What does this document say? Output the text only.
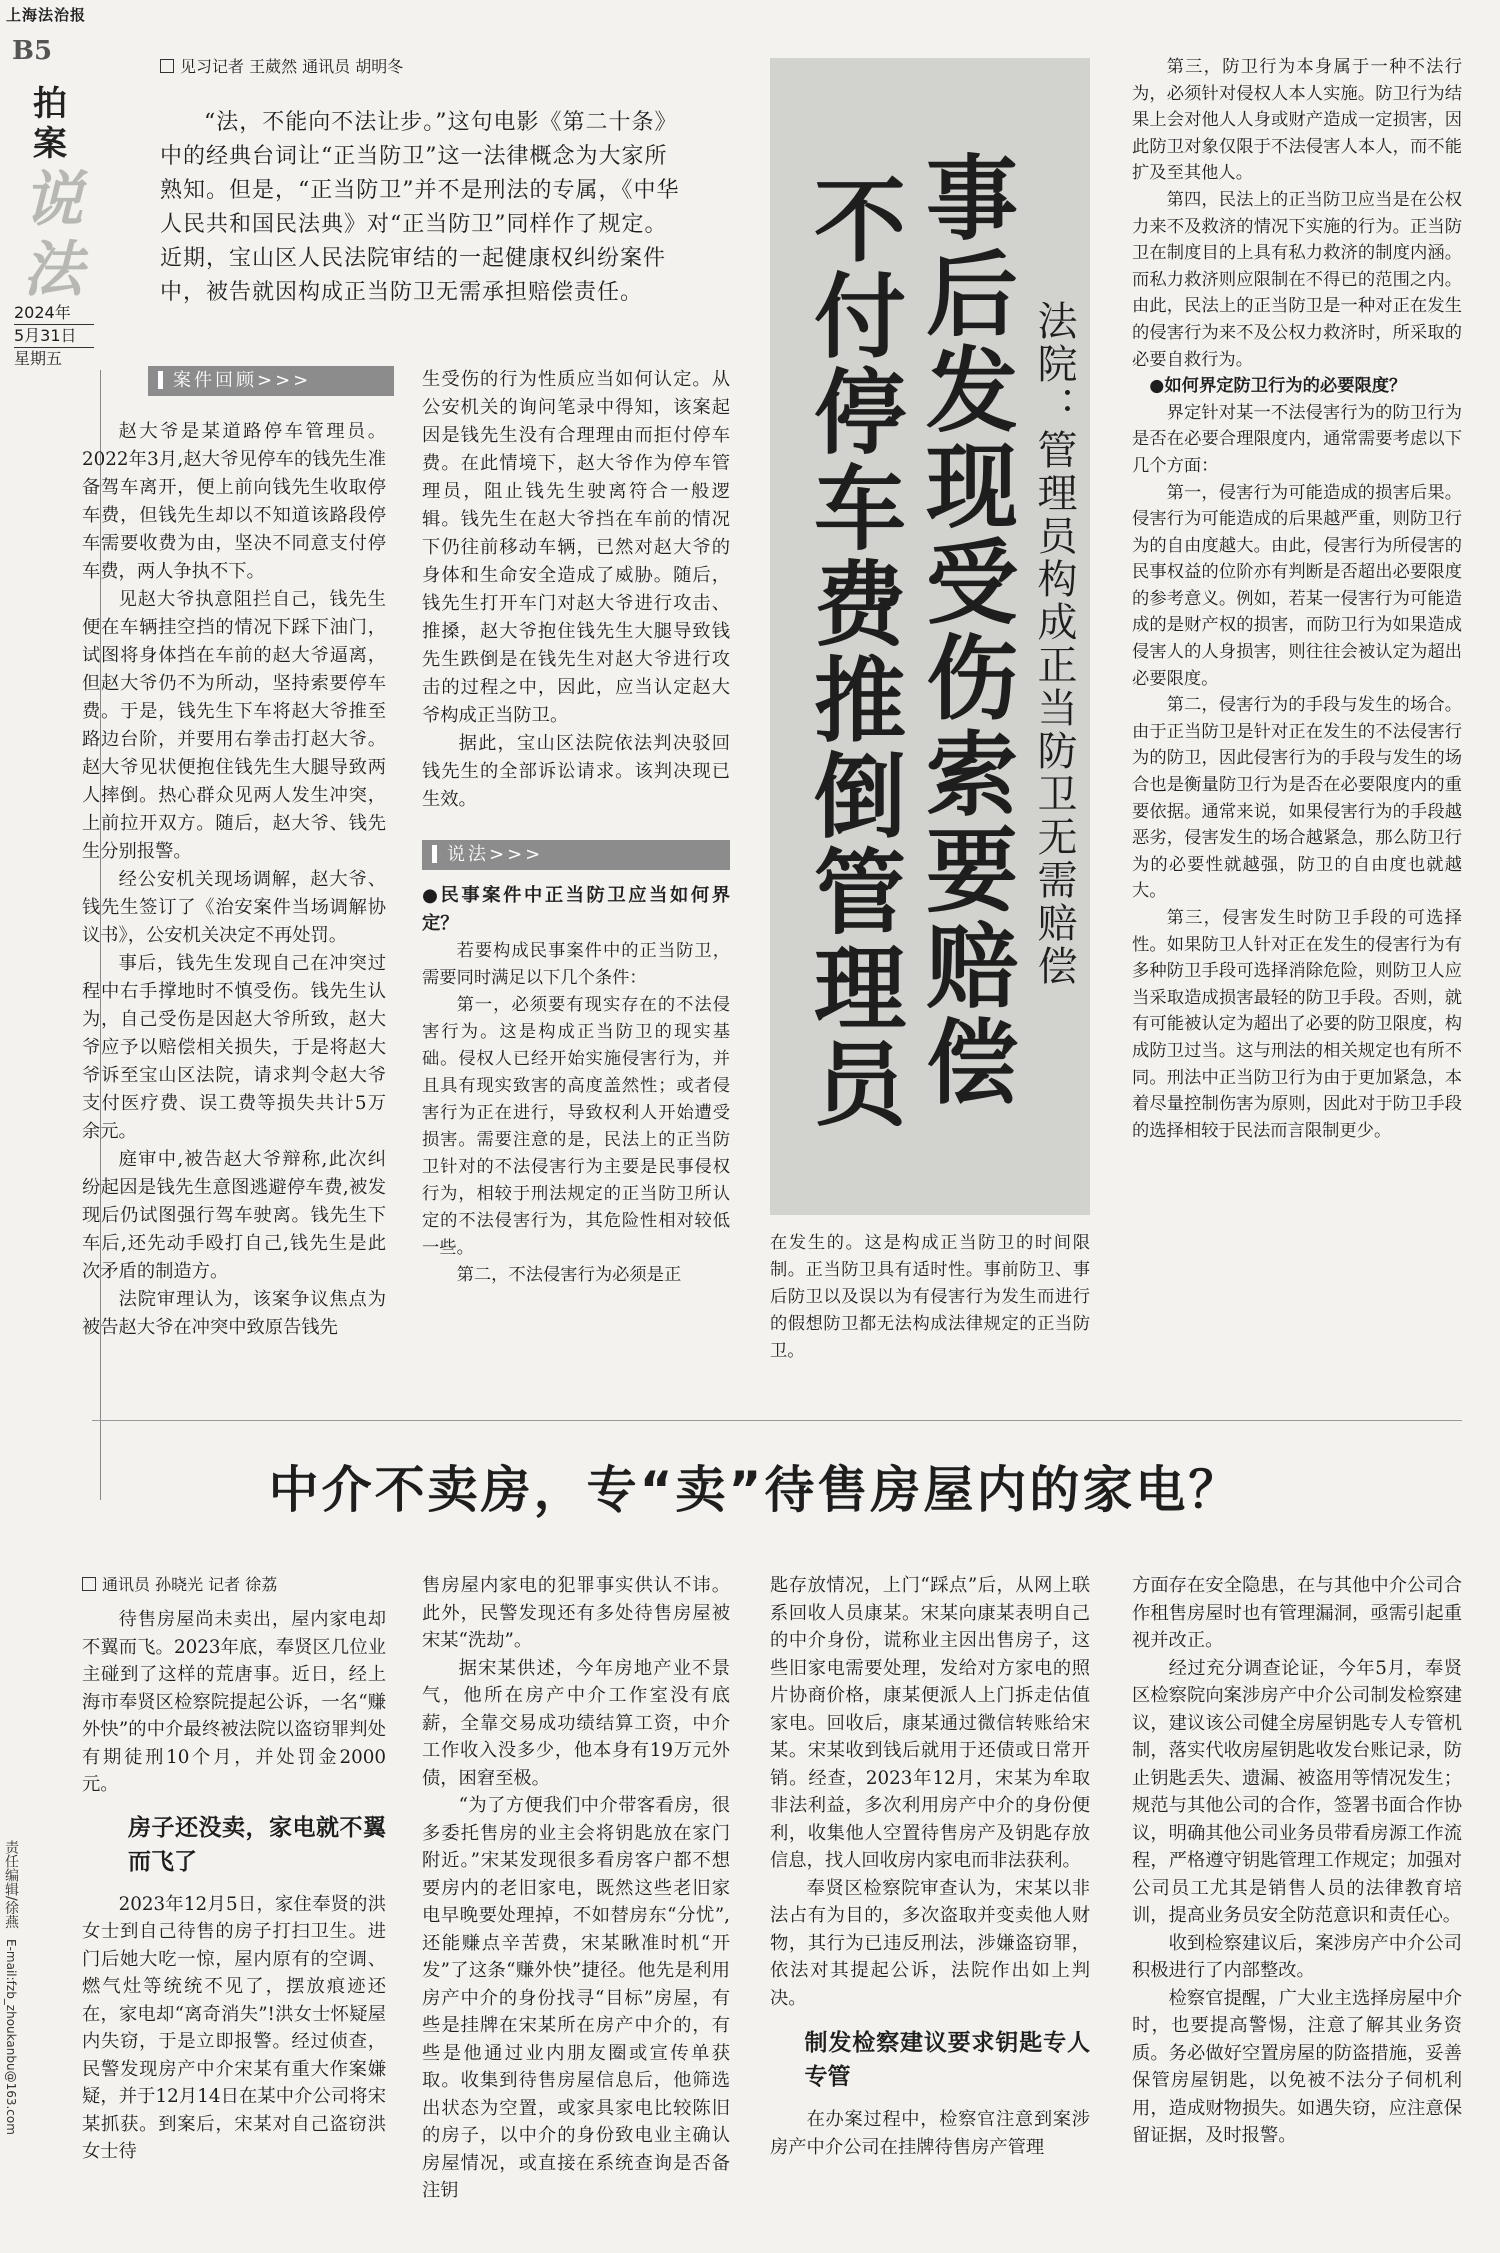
上海法治报
B5
拍案
说法
2024年
5月31日
星期五
见习记者 王葳然 通讯员 胡明冬
“法，不能向不法让步。”这句电影《第二十条》中的经典台词让“正当防卫”这一法律概念为大家所熟知。但是，“正当防卫”并不是刑法的专属，《中华人民共和国民法典》对“正当防卫”同样作了规定。近期，宝山区人民法院审结的一起健康权纠纷案件中，被告就因构成正当防卫无需承担赔偿责任。	事后发现受伤索要赔偿
不付停车费推倒管理员	法院：管理员构成正当防卫无需赔偿
案件回顾>>>

赵大爷是某道路停车管理员。2022年3月,赵大爷见停车的钱先生准备驾车离开，便上前向钱先生收取停车费，但钱先生却以不知道该路段停车需要收费为由，坚决不同意支付停车费，两人争执不下。

见赵大爷执意阻拦自己，钱先生便在车辆挂空挡的情况下踩下油门，试图将身体挡在车前的赵大爷逼离，但赵大爷仍不为所动，坚持索要停车费。于是，钱先生下车将赵大爷推至路边台阶，并要用右拳击打赵大爷。赵大爷见状便抱住钱先生大腿导致两人摔倒。热心群众见两人发生冲突，上前拉开双方。随后，赵大爷、钱先生分别报警。

经公安机关现场调解，赵大爷、钱先生签订了《治安案件当场调解协议书》，公安机关决定不再处罚。

事后，钱先生发现自己在冲突过程中右手撑地时不慎受伤。钱先生认为，自己受伤是因赵大爷所致，赵大爷应予以赔偿相关损失，于是将赵大爷诉至宝山区法院，请求判令赵大爷支付医疗费、误工费等损失共计5万余元。

庭审中,被告赵大爷辩称,此次纠纷起因是钱先生意图逃避停车费,被发现后仍试图强行驾车驶离。钱先生下车后,还先动手殴打自己,钱先生是此次矛盾的制造方。

法院审理认为，该案争议焦点为被告赵大爷在冲突中致原告钱先

生受伤的行为性质应当如何认定。从公安机关的询问笔录中得知，该案起因是钱先生没有合理理由而拒付停车费。在此情境下，赵大爷作为停车管理员，阻止钱先生驶离符合一般逻辑。钱先生在赵大爷挡在车前的情况下仍往前移动车辆，已然对赵大爷的身体和生命安全造成了威胁。随后，钱先生打开车门对赵大爷进行攻击、推搡，赵大爷抱住钱先生大腿导致钱先生跌倒是在钱先生对赵大爷进行攻击的过程之中，因此，应当认定赵大爷构成正当防卫。

据此，宝山区法院依法判决驳回钱先生的全部诉讼请求。该判决现已生效。

说法>>>

●民事案件中正当防卫应当如何界定？

若要构成民事案件中的正当防卫，需要同时满足以下几个条件：

第一，必须要有现实存在的不法侵害行为。这是构成正当防卫的现实基础。侵权人已经开始实施侵害行为，并且具有现实致害的高度盖然性；或者侵害行为正在进行，导致权利人开始遭受损害。需要注意的是，民法上的正当防卫针对的不法侵害行为主要是民事侵权行为，相较于刑法规定的正当防卫所认定的不法侵害行为，其危险性相对较低一些。

第二，不法侵害行为必须是正

在发生的。这是构成正当防卫的时间限制。正当防卫具有适时性。事前防卫、事后防卫以及误以为有侵害行为发生而进行的假想防卫都无法构成法律规定的正当防卫。

第三，防卫行为本身属于一种不法行为，必须针对侵权人本人实施。防卫行为结果上会对他人人身或财产造成一定损害，因此防卫对象仅限于不法侵害人本人，而不能扩及至其他人。

第四，民法上的正当防卫应当是在公权力来不及救济的情况下实施的行为。正当防卫在制度目的上具有私力救济的制度内涵。而私力救济则应限制在不得已的范围之内。由此，民法上的正当防卫是一种对正在发生的侵害行为来不及公权力救济时，所采取的必要自救行为。

●如何界定防卫行为的必要限度？

界定针对某一不法侵害行为的防卫行为是否在必要合理限度内，通常需要考虑以下几个方面：

第一，侵害行为可能造成的损害后果。侵害行为可能造成的后果越严重，则防卫行为的自由度越大。由此，侵害行为所侵害的民事权益的位阶亦有判断是否超出必要限度的参考意义。例如，若某一侵害行为可能造成的是财产权的损害，而防卫行为如果造成侵害人的人身损害，则往往会被认定为超出必要限度。

第二，侵害行为的手段与发生的场合。由于正当防卫是针对正在发生的不法侵害行为的防卫，因此侵害行为的手段与发生的场合也是衡量防卫行为是否在必要限度内的重要依据。通常来说，如果侵害行为的手段越恶劣，侵害发生的场合越紧急，那么防卫行为的必要性就越强，防卫的自由度也就越大。

第三，侵害发生时防卫手段的可选择性。如果防卫人针对正在发生的侵害行为有多种防卫手段可选择消除危险，则防卫人应当采取造成损害最轻的防卫手段。否则，就有可能被认定为超出了必要的防卫限度，构成防卫过当。这与刑法的相关规定也有所不同。刑法中正当防卫行为由于更加紧急，本着尽量控制伤害为原则，因此对于防卫手段的选择相较于民法而言限制更少。

中介不卖房，专“卖”待售房屋内的家电？
通讯员 孙晓光 记者 徐荔

待售房屋尚未卖出，屋内家电却不翼而飞。2023年底，奉贤区几位业主碰到了这样的荒唐事。近日，经上海市奉贤区检察院提起公诉，一名“赚外快”的中介最终被法院以盗窃罪判处有期徒刑10个月，并处罚金2000元。

房子还没卖，家电就不翼而飞了

2023年12月5日，家住奉贤的洪女士到自己待售的房子打扫卫生。进门后她大吃一惊，屋内原有的空调、燃气灶等统统不见了，摆放痕迹还在，家电却“离奇消失”!洪女士怀疑屋内失窃，于是立即报警。经过侦查，民警发现房产中介宋某有重大作案嫌疑，并于12月14日在某中介公司将宋某抓获。到案后，宋某对自己盗窃洪女士待

售房屋内家电的犯罪事实供认不讳。此外，民警发现还有多处待售房屋被宋某“洗劫”。

据宋某供述，今年房地产业不景气，他所在房产中介工作室没有底薪，全靠交易成功绩结算工资，中介工作收入没多少，他本身有19万元外债，困窘至极。

“为了方便我们中介带客看房，很多委托售房的业主会将钥匙放在家门附近。”宋某发现很多看房客户都不想要房内的老旧家电，既然这些老旧家电早晚要处理掉，不如替房东“分忧”,还能赚点辛苦费，宋某瞅准时机“开发”了这条“赚外快”捷径。他先是利用房产中介的身份找寻“目标”房屋，有些是挂牌在宋某所在房产中介的，有些是他通过业内朋友圈或宣传单获取。收集到待售房屋信息后，他筛选出状态为空置，或家具家电比较陈旧的房子，以中介的身份致电业主确认房屋情况，或直接在系统查询是否备注钥

匙存放情况，上门“踩点”后，从网上联系回收人员康某。宋某向康某表明自己的中介身份，谎称业主因出售房子，这些旧家电需要处理，发给对方家电的照片协商价格，康某便派人上门拆走估值家电。回收后，康某通过微信转账给宋某。宋某收到钱后就用于还债或日常开销。经查，2023年12月，宋某为牟取非法利益，多次利用房产中介的身份便利，收集他人空置待售房产及钥匙存放信息，找人回收房内家电而非法获利。

奉贤区检察院审查认为，宋某以非法占有为目的，多次盗取并变卖他人财物，其行为已违反刑法，涉嫌盗窃罪，依法对其提起公诉，法院作出如上判决。

制发检察建议要求钥匙专人专管

在办案过程中，检察官注意到案涉房产中介公司在挂牌待售房产管理

方面存在安全隐患，在与其他中介公司合作租售房屋时也有管理漏洞，亟需引起重视并改正。

经过充分调查论证，今年5月，奉贤区检察院向案涉房产中介公司制发检察建议，建议该公司健全房屋钥匙专人专管机制，落实代收房屋钥匙收发台账记录，防止钥匙丢失、遗漏、被盗用等情况发生；规范与其他公司的合作，签署书面合作协议，明确其他公司业务员带看房源工作流程，严格遵守钥匙管理工作规定；加强对公司员工尤其是销售人员的法律教育培训，提高业务员安全防范意识和责任心。

收到检察建议后，案涉房产中介公司积极进行了内部整改。

检察官提醒，广大业主选择房屋中介时，也要提高警惕，注意了解其业务资质。务必做好空置房屋的防盗措施，妥善保管房屋钥匙，以免被不法分子伺机利用，造成财物损失。如遇失窃，应注意保留证据，及时报警。

责任编辑/徐燕 E-mail:fzb_zhoukanbu@163.com
